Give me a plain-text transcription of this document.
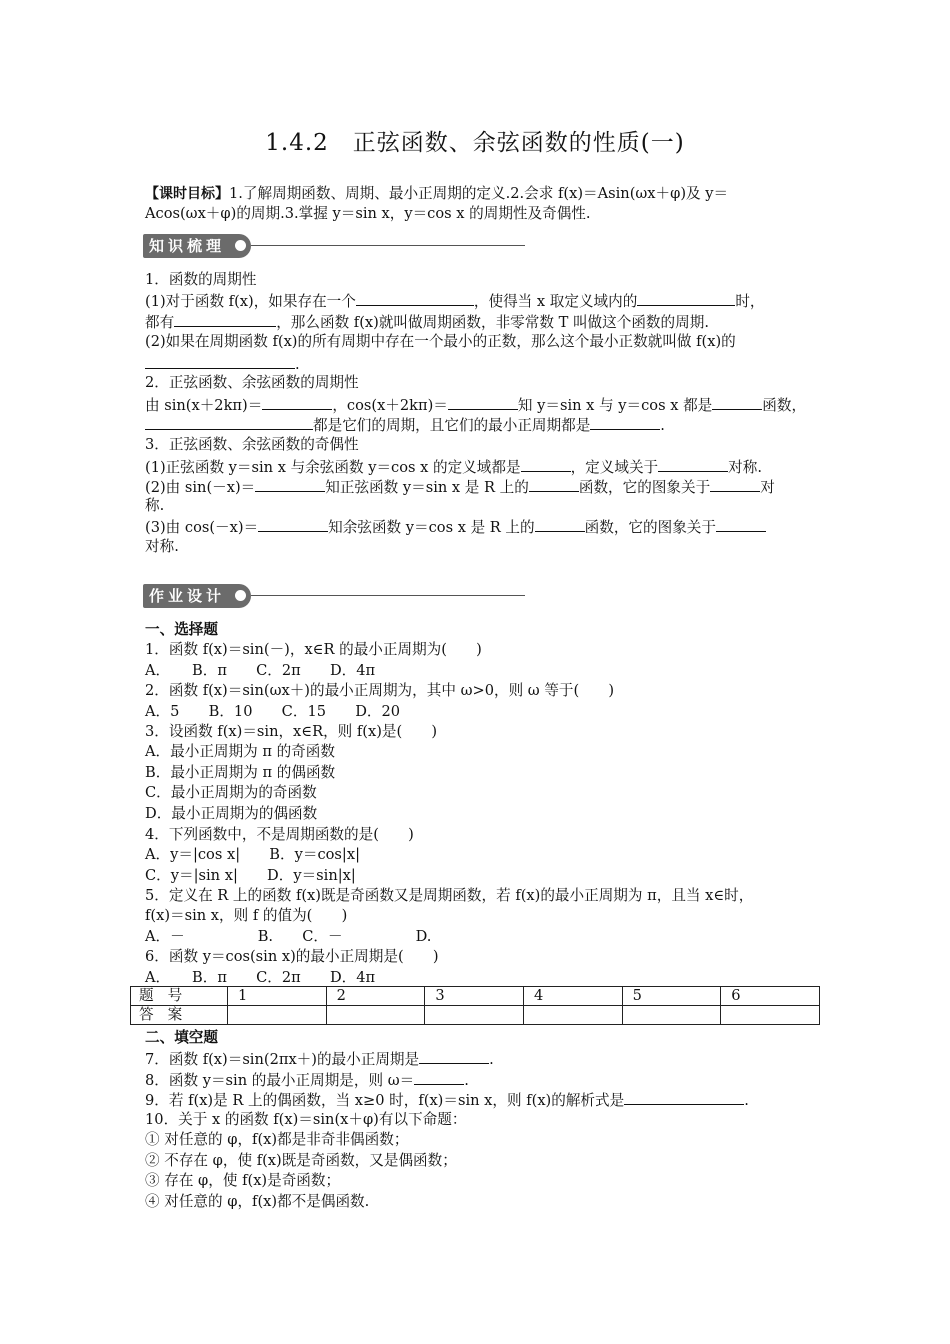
1.4.2　正弦函数、余弦函数的性质(一)
【课时目标】1.了解周期函数、周期、最小正周期的定义.2.会求 f(x)＝Asin(ωx＋φ)及 y＝
Acos(ωx＋φ)的周期.3.掌握 y＝sin x，y＝cos x 的周期性及奇偶性.
知识梳理
1．函数的周期性
(1)对于函数 f(x)，如果存在一个	，使得当 x 取定义域内的	时，
都有	，那么函数 f(x)就叫做周期函数，非零常数 T 叫做这个函数的周期.
(2)如果在周期函数 f(x)的所有周期中存在一个最小的正数，那么这个最小正数就叫做 f(x)的
.
2．正弦函数、余弦函数的周期性
由 sin(x＋2kπ)＝	，cos(x＋2kπ)＝	知 y＝sin x 与 y＝cos x 都是	函数，
都是它们的周期，且它们的最小正周期都是	.
3．正弦函数、余弦函数的奇偶性
(1)正弦函数 y＝sin x 与余弦函数 y＝cos x 的定义域都是	，定义域关于	对称.
(2)由 sin(－x)＝	知正弦函数 y＝sin x 是 R 上的	函数，它的图象关于	对
称.
(3)由 cos(－x)＝	知余弦函数 y＝cos x 是 R 上的	函数，它的图象关于
对称.
作业设计
一、选择题
1．函数 f(x)＝sin(－)，x∈R 的最小正周期为(　　)
A．　　B．π　　C．2π　　D．4π
2．函数 f(x)＝sin(ωx＋)的最小正周期为，其中 ω>0，则 ω 等于(　　)
A．5　　B．10　　C．15　　D．20
3．设函数 f(x)＝sin，x∈R，则 f(x)是(　　)
A．最小正周期为 π 的奇函数
B．最小正周期为 π 的偶函数
C．最小正周期为的奇函数
D．最小正周期为的偶函数
4．下列函数中，不是周期函数的是(　　)
A．y＝|cos x|　　B．y＝cos|x|
C．y＝|sin x|　　D．y＝sin|x|
5．定义在 R 上的函数 f(x)既是奇函数又是周期函数，若 f(x)的最小正周期为 π，且当 x∈时，
f(x)＝sin x，则 f 的值为(　　)
A．－　　　　　B.　　C．－　　　　　D.
6．函数 y＝cos(sin x)的最小正周期是(　　)
A．　　B．π　　C．2π　　D．4π
题号	1	2	3	4	5	6
答案						
二、填空题
7．函数 f(x)＝sin(2πx＋)的最小正周期是	.
8．函数 y＝sin 的最小正周期是，则 ω＝	.
9．若 f(x)是 R 上的偶函数，当 x≥0 时，f(x)＝sin x，则 f(x)的解析式是	.
10．关于 x 的函数 f(x)＝sin(x＋φ)有以下命题：
① 对任意的 φ，f(x)都是非奇非偶函数；
② 不存在 φ，使 f(x)既是奇函数，又是偶函数；
③ 存在 φ，使 f(x)是奇函数；
④ 对任意的 φ，f(x)都不是偶函数.
